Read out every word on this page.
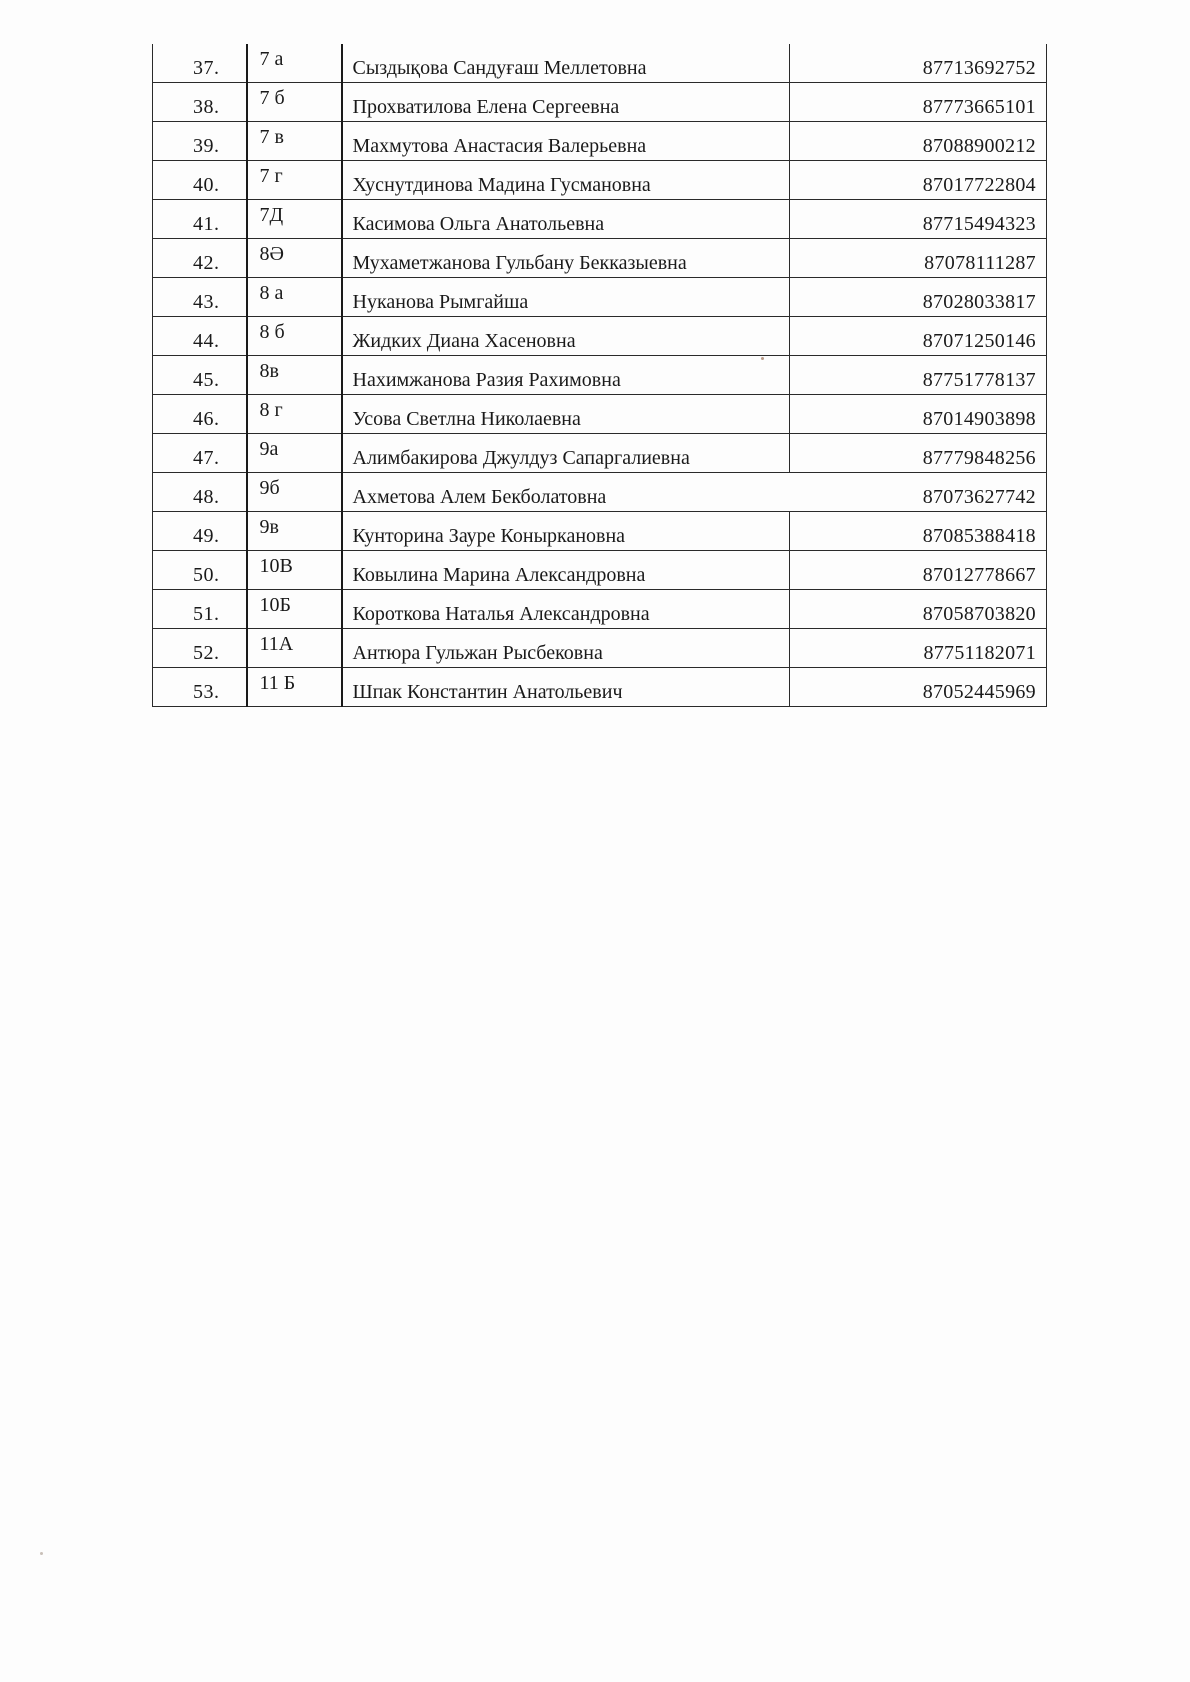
37.	7 а	Сыздықова Сандуғаш Меллетовна	87713692752
38.	7 б	Прохватилова Елена Сергеевна	87773665101
39.	7 в	Махмутова Анастасия Валерьевна	87088900212
40.	7 г	Хуснутдинова Мадина Гусмановна	87017722804
41.	7Д	Касимова Ольга Анатольевна	87715494323
42.	8Ә	Мухаметжанова Гульбану Бекказыевна	87078111287
43.	8 а	Нуканова Рымгайша	87028033817
44.	8 б	Жидких Диана Хасеновна	87071250146
45.	8в	Нахимжанова Разия Рахимовна	87751778137
46.	8 г	Усова Светлна Николаевна	87014903898
47.	9а	Алимбакирова Джулдуз Сапаргалиевна	87779848256
48.	9б	Ахметова Алем Бекболатовна	87073627742
49.	9в	Кунторина Зауре Коныркановна	87085388418
50.	10В	Ковылина Марина Александровна	87012778667
51.	10Б	Короткова Наталья Александровна	87058703820
52.	11А	Антюра Гульжан Рысбековна	87751182071
53.	11 Б	Шпак Константин Анатольевич	87052445969
